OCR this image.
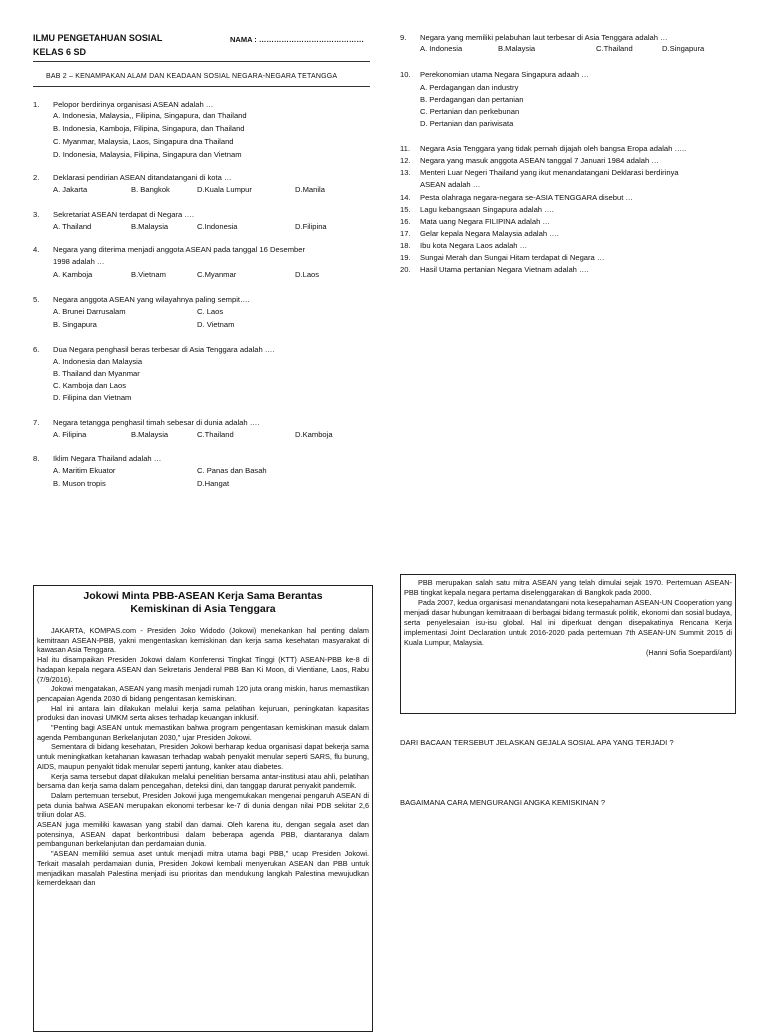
ILMU PENGETAHUAN SOSIAL	NAMA : ……………………………………
KELAS 6 SD
BAB 2 – KENAMPAKAN ALAM DAN KEADAAN SOSIAL NEGARA-NEGARA TETANGGA
1. Pelopor berdirinya organisasi ASEAN adalah …
A. Indonesia, Malaysia,, Filipina, Singapura, dan Thailand
B. Indonesia, Kamboja, Filipina, Singapura, dan Thailand
C. Myanmar, Malaysia, Laos, Singapura dna Thailand
D. Indonesia, Malaysia, Filipina, Singapura dan Vietnam
2. Deklarasi pendirian ASEAN ditandatangani di kota …
A. Jakarta	B. Bangkok	D.Kuala Lumpur	D.Manila
3. Sekretariat ASEAN terdapat di Negara ….
A. Thailand	B.Malaysia	C.Indonesia	D.Filipina
4. Negara yang diterima menjadi anggota ASEAN pada tanggal 16 Desember
1998 adalah …
A. Kamboja	B.Vietnam	C.Myanmar	D.Laos
5. Negara anggota ASEAN yang wilayahnya paling sempit….
A. Brunei Darrusalam	C. Laos
B. Singapura	D. Vietnam
6. Dua Negara penghasil beras terbesar di Asia Tenggara adalah ….
A. Indonesia dan Malaysia
B. Thailand dan Myanmar
C. Kamboja dan Laos
D. Filipina dan Vietnam
7. Negara tetangga penghasil timah sebesar di dunia adalah ….
A. Filipina	B.Malaysia	C.Thailand	D.Kamboja
8. Iklim Negara Thailand adalah …
A. Maritim Ekuator	C. Panas dan Basah
B. Muson tropis	D.Hangat
9. Negara yang memiliki pelabuhan laut terbesar di Asia Tenggara adalah …
A. Indonesia	B.Malaysia	C.Thailand	D.Singapura
10. Perekonomian utama Negara Singapura adaah …
A. Perdagangan dan industry
B. Perdagangan dan pertanian
C. Pertanian dan perkebunan
D. Pertanian dan pariwisata
11. Negara Asia Tenggara yang tidak pernah dijajah oleh bangsa Eropa adalah …..
12. Negara yang masuk anggota ASEAN tanggal 7 Januari 1984 adalah …
13. Menteri Luar Negeri Thailand yang ikut menandatangani Deklarasi berdirinya
ASEAN adalah …
14. Pesta olahraga negara-negara se-ASIA TENGGARA disebut …
15. Lagu kebangsaan Singapura adalah ….
16. Mata uang Negara FILIPINA adalah …
17. Gelar kepala Negara Malaysia adalah ….
18. Ibu kota Negara Laos adalah …
19. Sungai Merah dan Sungai Hitam terdapat di Negara …
20. Hasil Utama pertanian Negara Vietnam adalah ….
Jokowi Minta PBB-ASEAN Kerja Sama Berantas Kemiskinan di Asia Tenggara

JAKARTA, KOMPAS.com - Presiden Joko Widodo (Jokowi) menekankan hal penting dalam kemitraan ASEAN-PBB, yakni mengentaskan kemiskinan dan kerja sama kesehatan masyarakat di kawasan Asia Tenggara.

Hal itu disampaikan Presiden Jokowi dalam Konferensi Tingkat Tinggi (KTT) ASEAN-PBB ke-8 di hadapan kepala negara ASEAN dan Sekretaris Jenderal PBB Ban Ki Moon, di Vientiane, Laos, Rabu (7/9/2016).

Jokowi mengatakan, ASEAN yang masih menjadi rumah 120 juta orang miskin, harus memastikan pencapaian Agenda 2030 di bidang pengentasan kemiskinan.

Hal ini antara lain dilakukan melalui kerja sama pelatihan kejuruan, peningkatan kapasitas produksi dan inovasi UMKM serta akses terhadap keuangan inklusif.

"Penting bagi ASEAN untuk memastikan bahwa program pengentasan kemiskinan masuk dalam agenda Pembangunan Berkelanjutan 2030," ujar Presiden Jokowi.

Sementara di bidang kesehatan, Presiden Jokowi berharap kedua organisasi dapat bekerja sama untuk meningkatkan ketahanan kawasan terhadap wabah penyakit menular seperti SARS, flu burung, AIDS, maupun penyakit tidak menular seperti jantung, kanker atau diabetes.

Kerja sama tersebut dapat dilakukan melalui penelitian bersama antar-institusi atau ahli, pelatihan bersama dan kerja sama dalam pencegahan, deteksi dini, dan tanggap darurat penyakit pandemik.

Dalam pertemuan tersebut, Presiden Jokowi juga mengemukakan mengenai pengaruh ASEAN di peta dunia bahwa ASEAN merupakan ekonomi terbesar ke-7 di dunia dengan nilai PDB sekitar 2,6 triliun dolar AS.

ASEAN juga memiliki kawasan yang stabil dan damai. Oleh karena itu, dengan segala aset dan potensinya, ASEAN dapat berkontribusi dalam beberapa agenda PBB, diantaranya dalam pembangunan berkelanjutan dan perdamaian dunia.

"ASEAN memiliki semua aset untuk menjadi mitra utama bagi PBB," ucap Presiden Jokowi. Terkait masalah perdamaian dunia, Presiden Jokowi kembali menyerukan ASEAN dan PBB untuk menjadikan masalah Palestina menjadi isu prioritas dan mendukung langkah Palestina mewujudkan kemerdekaan dan

PBB merupakan salah satu mitra ASEAN yang telah dimulai sejak 1970. Pertemuan ASEAN-PBB tingkat kepala negara pertama diselenggarakan di Bangkok pada 2000.

Pada 2007, kedua organisasi menandatangani nota kesepahaman ASEAN-UN Cooperation yang menjadi dasar hubungan kemitraaan di berbagai bidang termasuk politik, ekonomi dan sosial budaya, serta penyelesaian isu-isu global. Hal ini diperkuat dengan disepakatinya Rencana Kerja implementasi Joint Declaration untuk 2016-2020 pada pertemuan 7th ASEAN-UN Summit 2015 di Kuala Lumpur, Malaysia.

(Hanni Sofia Soepardi/ant)

DARI BACAAN TERSEBUT JELASKAN GEJALA SOSIAL APA YANG TERJADI ?
BAGAIMANA CARA MENGURANGI ANGKA KEMISKINAN ?
